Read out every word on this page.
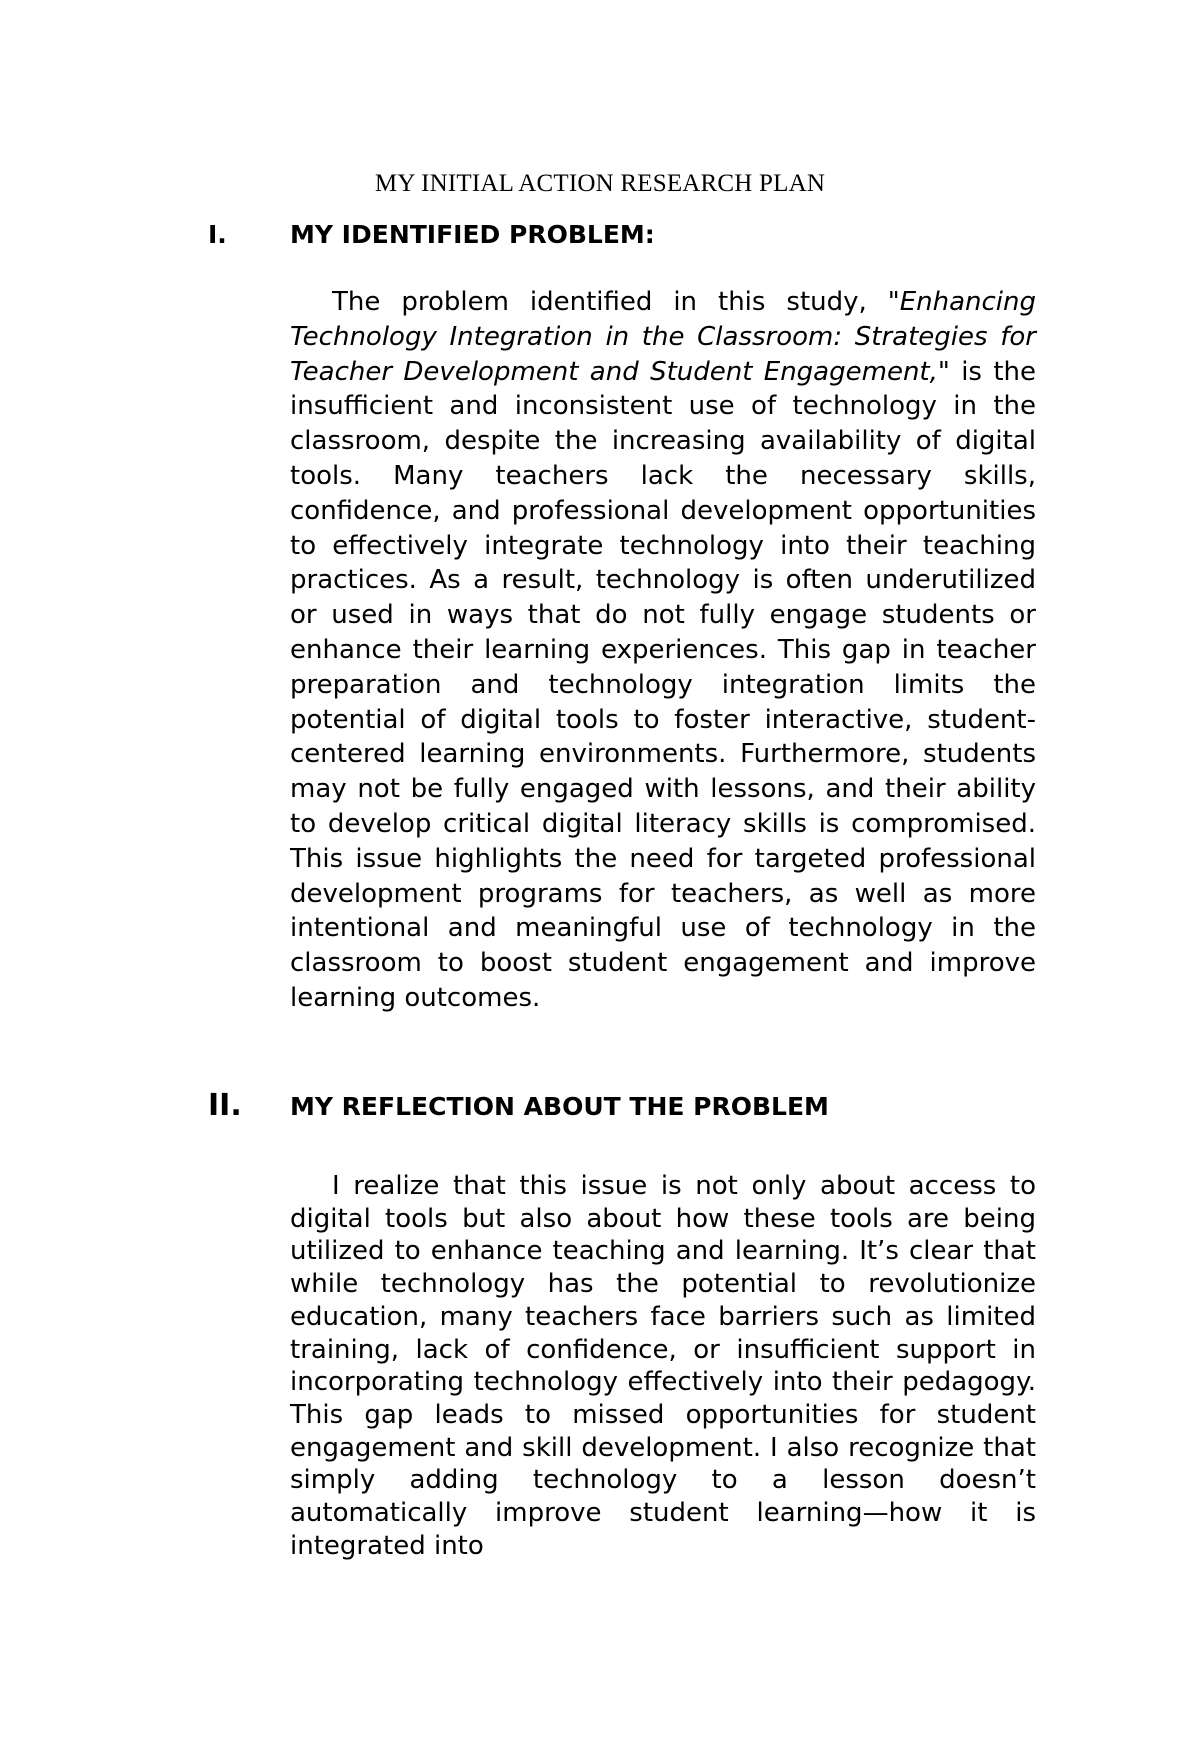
MY INITIAL ACTION RESEARCH PLAN
I.	MY IDENTIFIED PROBLEM:
The problem identified in this study, "Enhancing Technology Integration in the Classroom: Strategies for Teacher Development and Student Engagement," is the insufficient and inconsistent use of technology in the classroom, despite the increasing availability of digital tools. Many teachers lack the necessary skills, confidence, and professional development opportunities to effectively integrate technology into their teaching practices. As a result, technology is often underutilized or used in ways that do not fully engage students or enhance their learning experiences. This gap in teacher preparation and technology integration limits the potential of digital tools to foster interactive, student-centered learning environments. Furthermore, students may not be fully engaged with lessons, and their ability to develop critical digital literacy skills is compromised. This issue highlights the need for targeted professional development programs for teachers, as well as more intentional and meaningful use of technology in the classroom to boost student engagement and improve learning outcomes.
II. MY REFLECTION ABOUT THE PROBLEM
I realize that this issue is not only about access to digital tools but also about how these tools are being utilized to enhance teaching and learning. It’s clear that while technology has the potential to revolutionize education, many teachers face barriers such as limited training, lack of confidence, or insufficient support in incorporating technology effectively into their pedagogy. This gap leads to missed opportunities for student engagement and skill development. I also recognize that simply adding technology to a lesson doesn’t automatically improve student learning—how it is integrated into
